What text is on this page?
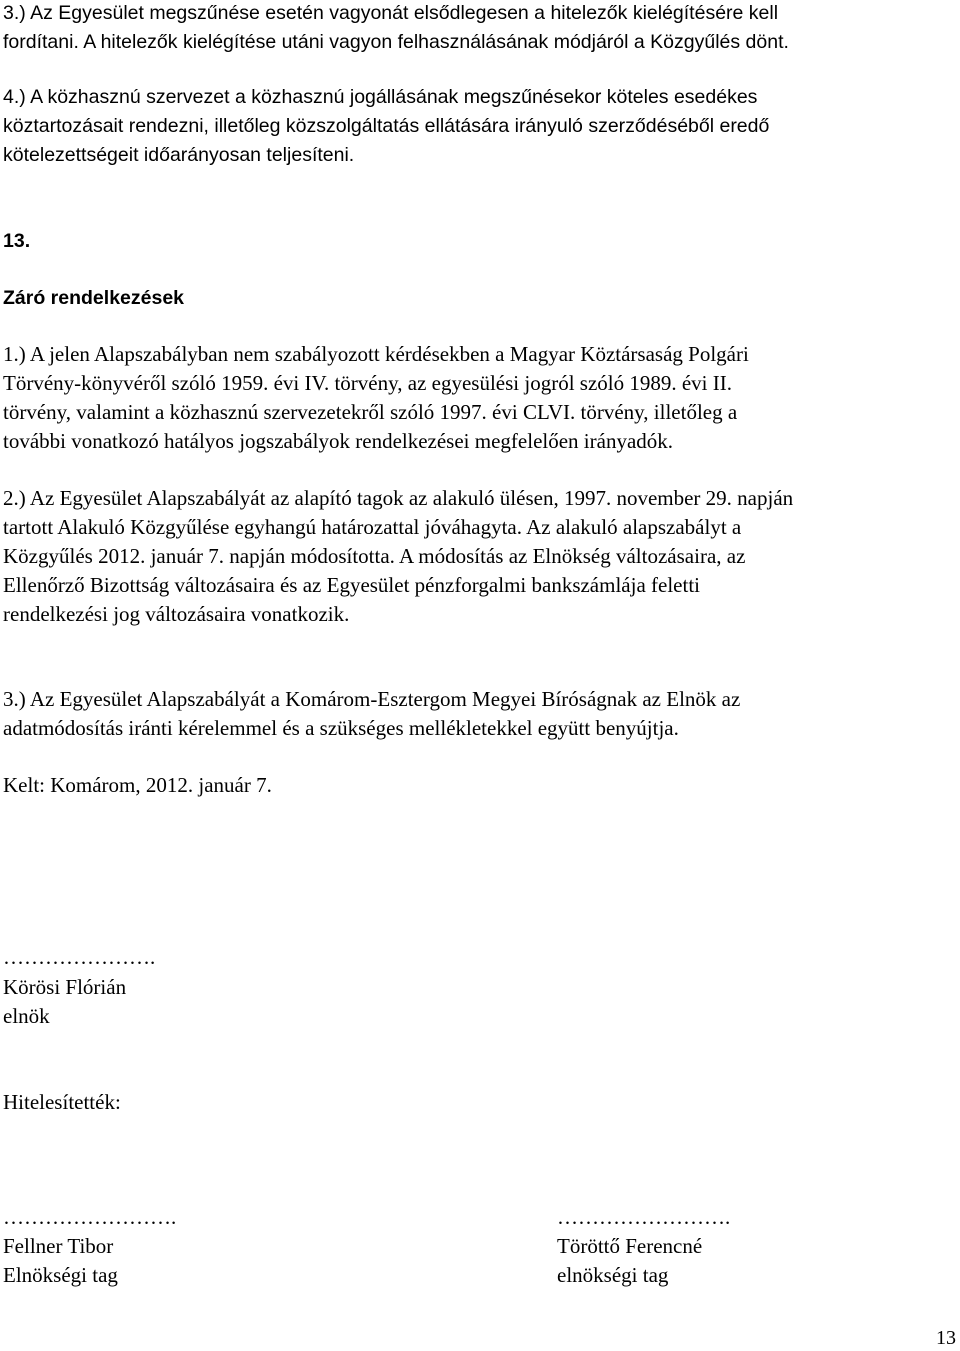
3.) Az Egyesület megszűnése esetén vagyonát elsődlegesen a hitelezők kielégítésére kell
fordítani. A hitelezők kielégítése utáni vagyon felhasználásának módjáról a Közgyűlés dönt.
4.) A közhasznú szervezet a közhasznú jogállásának megszűnésekor köteles esedékes
köztartozásait rendezni, illetőleg közszolgáltatás ellátására irányuló szerződéséből eredő
kötelezettségeit időarányosan teljesíteni.
13.
Záró rendelkezések
1.) A jelen Alapszabályban nem szabályozott kérdésekben a Magyar Köztársaság Polgári
Törvény-könyvéről szóló 1959. évi IV. törvény, az egyesülési jogról szóló 1989. évi II.
törvény, valamint a közhasznú szervezetekről szóló 1997. évi CLVI. törvény, illetőleg a
további vonatkozó hatályos jogszabályok rendelkezései megfelelően irányadók.
2.) Az Egyesület Alapszabályát az alapító tagok az alakuló ülésen, 1997. november 29. napján
tartott Alakuló Közgyűlése egyhangú határozattal jóváhagyta. Az alakuló alapszabályt a
Közgyűlés 2012. január 7. napján módosította. A módosítás az Elnökség változásaira, az
Ellenőrző Bizottság változásaira és az Egyesület pénzforgalmi bankszámlája feletti
rendelkezési jog változásaira vonatkozik.
3.) Az Egyesület Alapszabályát a Komárom-Esztergom Megyei Bíróságnak az Elnök az
adatmódosítás iránti kérelemmel és a szükséges mellékletekkel együtt benyújtja.
Kelt: Komárom, 2012. január 7.
………………….
Körösi Flórián
elnök
Hitelesítették:
…………………….
Fellner Tibor
Elnökségi tag
…………………….
Töröttő Ferencné
elnökségi tag
13
